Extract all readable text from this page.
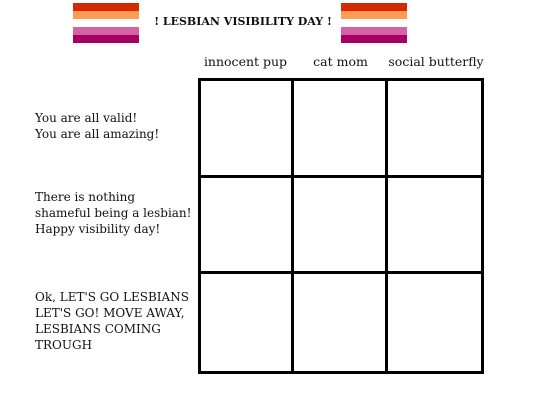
! LESBIAN VISIBILITY DAY !
innocent pup	cat mom	social butterfly
You are all valid!
You are all amazing!
There is nothing
shameful being a lesbian!
Happy visibility day!
Ok, LET'S GO LESBIANS
LET'S GO! MOVE AWAY,
LESBIANS COMING
TROUGH
